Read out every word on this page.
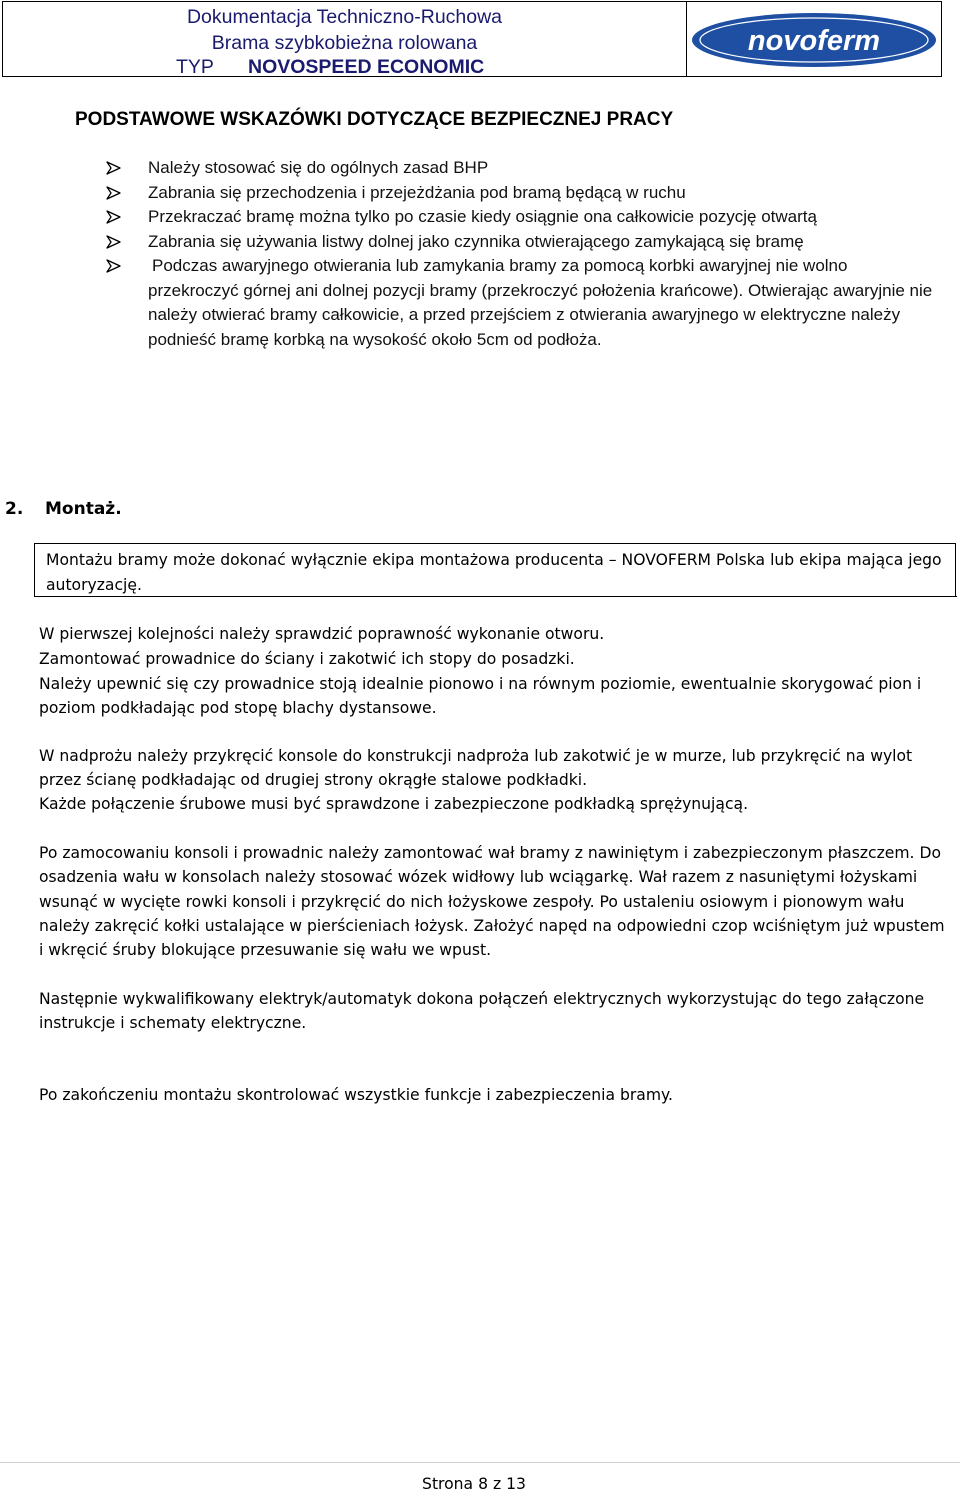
Dokumentacja Techniczno-Ruchowa
Brama szybkobieżna rolowana
TYP NOVOSPEED ECONOMIC
novoferm
PODSTAWOWE WSKAZÓWKI DOTYCZĄCE BEZPIECZNEJ PRACY
Należy stosować się do ogólnych zasad BHP
Zabrania się przechodzenia i przejeżdżania pod bramą będącą w ruchu
Przekraczać bramę można tylko po czasie kiedy osiągnie ona całkowicie pozycję otwartą
Zabrania się używania listwy dolnej jako czynnika otwierającego zamykającą się bramę
Podczas awaryjnego otwierania lub zamykania bramy za pomocą korbki awaryjnej nie wolno przekroczyć górnej ani dolnej pozycji bramy (przekroczyć położenia krańcowe). Otwierając awaryjnie nie należy otwierać bramy całkowicie, a przed przejściem z otwierania awaryjnego w elektryczne należy podnieść bramę korbką na wysokość około 5cm od podłoża.
2. Montaż.
Montażu bramy może dokonać wyłącznie ekipa montażowa producenta – NOVOFERM Polska lub ekipa mająca jego autoryzację.

W pierwszej kolejności należy sprawdzić poprawność wykonanie otworu.

Zamontować prowadnice do ściany i zakotwić ich stopy do posadzki.

Należy upewnić się czy prowadnice stoją idealnie pionowo i na równym poziomie, ewentualnie skorygować pion i poziom podkładając pod stopę blachy dystansowe.

W nadprożu należy przykręcić konsole do konstrukcji nadproża lub zakotwić je w murze, lub przykręcić na wylot przez ścianę podkładając od drugiej strony okrągłe stalowe podkładki.

Każde połączenie śrubowe musi być sprawdzone i zabezpieczone podkładką sprężynującą.

Po zamocowaniu konsoli i prowadnic należy zamontować wał bramy z nawiniętym i zabezpieczonym płaszczem. Do osadzenia wału w konsolach należy stosować wózek widłowy lub wciągarkę. Wał razem z nasuniętymi łożyskami wsunąć w wycięte rowki konsoli i przykręcić do nich łożyskowe zespoły. Po ustaleniu osiowym i pionowym wału należy zakręcić kołki ustalające w pierścieniach łożysk. Założyć napęd na odpowiedni czop wciśniętym już wpustem i wkręcić śruby blokujące przesuwanie się wału we wpust.

Następnie wykwalifikowany elektryk/automatyk dokona połączeń elektrycznych wykorzystując do tego załączone instrukcje i schematy elektryczne.

Po zakończeniu montażu skontrolować wszystkie funkcje i zabezpieczenia bramy.

Strona 8 z 13
